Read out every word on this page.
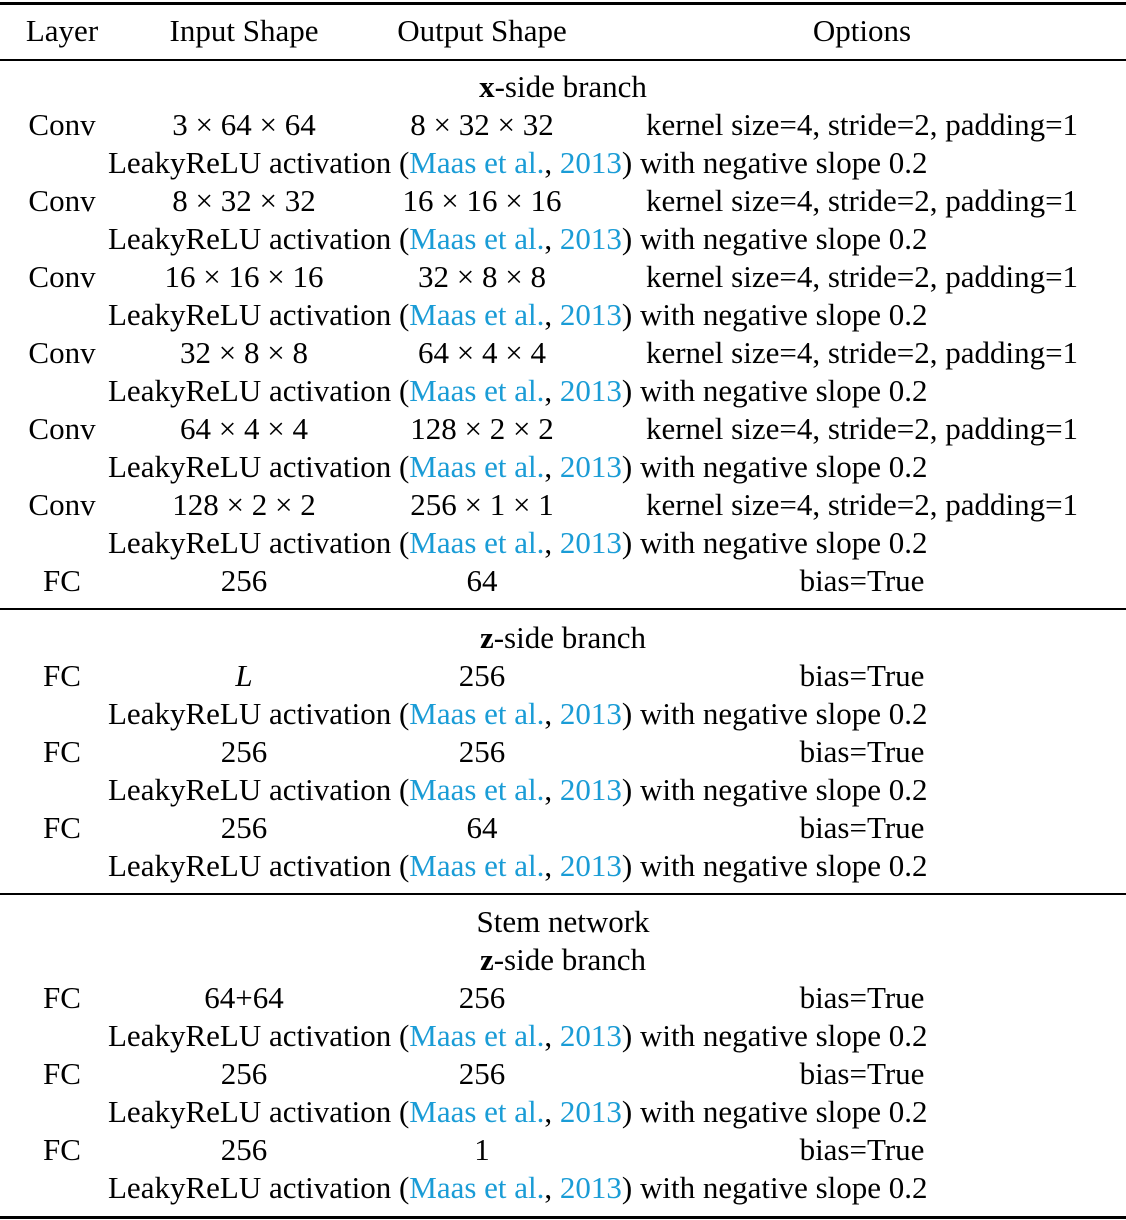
Layer	Input Shape	Output Shape	Options
x-side branch
Conv	3 × 64 × 64	8 × 32 × 32	kernel size=4, stride=2, padding=1
LeakyReLU activation (Maas et al., 2013) with negative slope 0.2
Conv	8 × 32 × 32	16 × 16 × 16	kernel size=4, stride=2, padding=1
LeakyReLU activation (Maas et al., 2013) with negative slope 0.2
Conv	16 × 16 × 16	32 × 8 × 8	kernel size=4, stride=2, padding=1
LeakyReLU activation (Maas et al., 2013) with negative slope 0.2
Conv	32 × 8 × 8	64 × 4 × 4	kernel size=4, stride=2, padding=1
LeakyReLU activation (Maas et al., 2013) with negative slope 0.2
Conv	64 × 4 × 4	128 × 2 × 2	kernel size=4, stride=2, padding=1
LeakyReLU activation (Maas et al., 2013) with negative slope 0.2
Conv	128 × 2 × 2	256 × 1 × 1	kernel size=4, stride=2, padding=1
LeakyReLU activation (Maas et al., 2013) with negative slope 0.2
FC	256	64	bias=True
z-side branch
FC	L	256	bias=True
LeakyReLU activation (Maas et al., 2013) with negative slope 0.2
FC	256	256	bias=True
LeakyReLU activation (Maas et al., 2013) with negative slope 0.2
FC	256	64	bias=True
LeakyReLU activation (Maas et al., 2013) with negative slope 0.2
Stem network
z-side branch
FC	64+64	256	bias=True
LeakyReLU activation (Maas et al., 2013) with negative slope 0.2
FC	256	256	bias=True
LeakyReLU activation (Maas et al., 2013) with negative slope 0.2
FC	256	1	bias=True
LeakyReLU activation (Maas et al., 2013) with negative slope 0.2
